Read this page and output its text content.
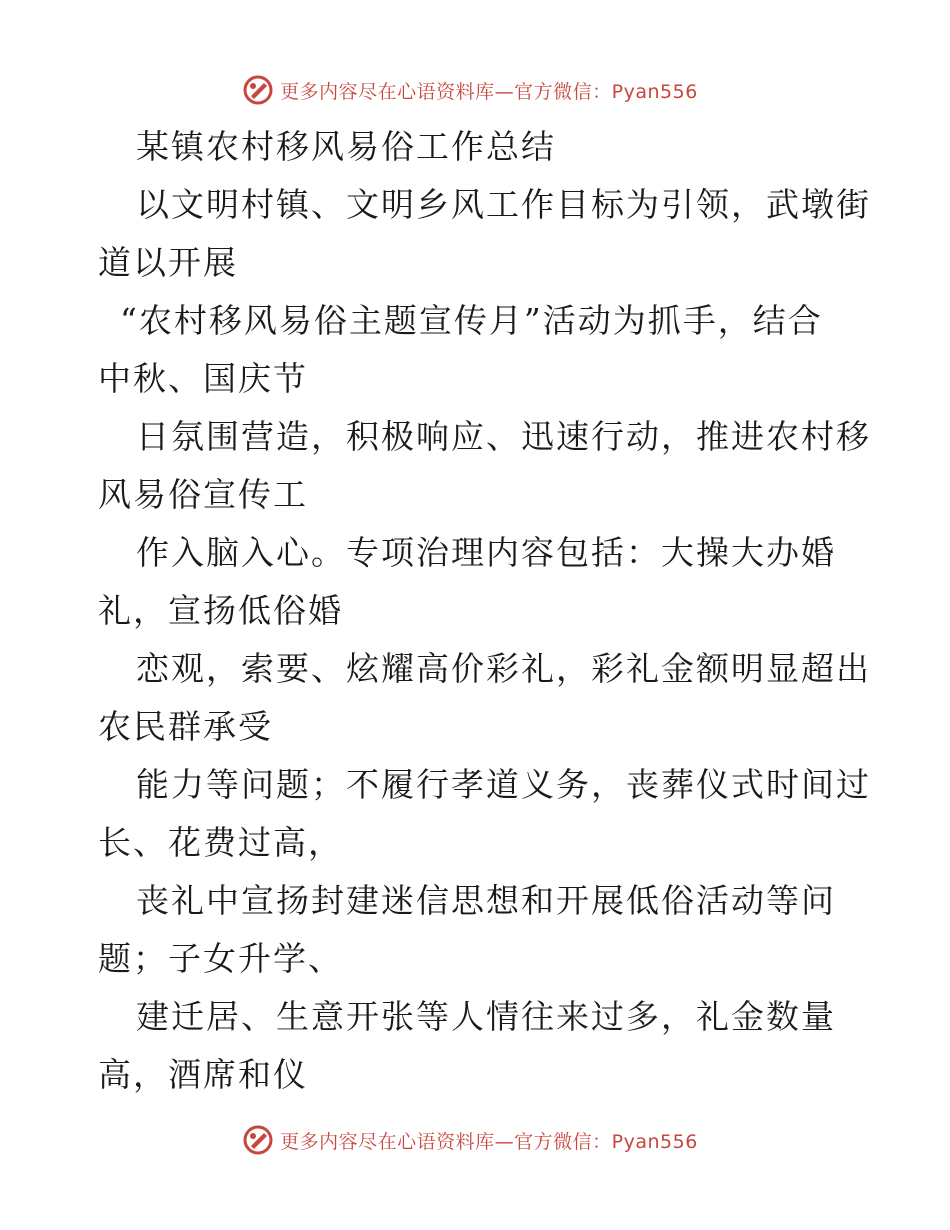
更多内容尽在心语资料库—官方微信：Pyan556
某镇农村移风易俗工作总结
以文明村镇、文明乡风工作目标为引领，武墩街
道以开展
“农村移风易俗主题宣传月”活动为抓手，结合
中秋、国庆节
日氛围营造，积极响应、迅速行动，推进农村移
风易俗宣传工
作入脑入心。专项治理内容包括：大操大办婚
礼，宣扬低俗婚
恋观，索要、炫耀高价彩礼，彩礼金额明显超出
农民群承受
能力等问题；不履行孝道义务，丧葬仪式时间过
长、花费过高，
丧礼中宣扬封建迷信思想和开展低俗活动等问
题；子女升学、
建迁居、生意开张等人情往来过多，礼金数量
高，酒席和仪
更多内容尽在心语资料库—官方微信：Pyan556
